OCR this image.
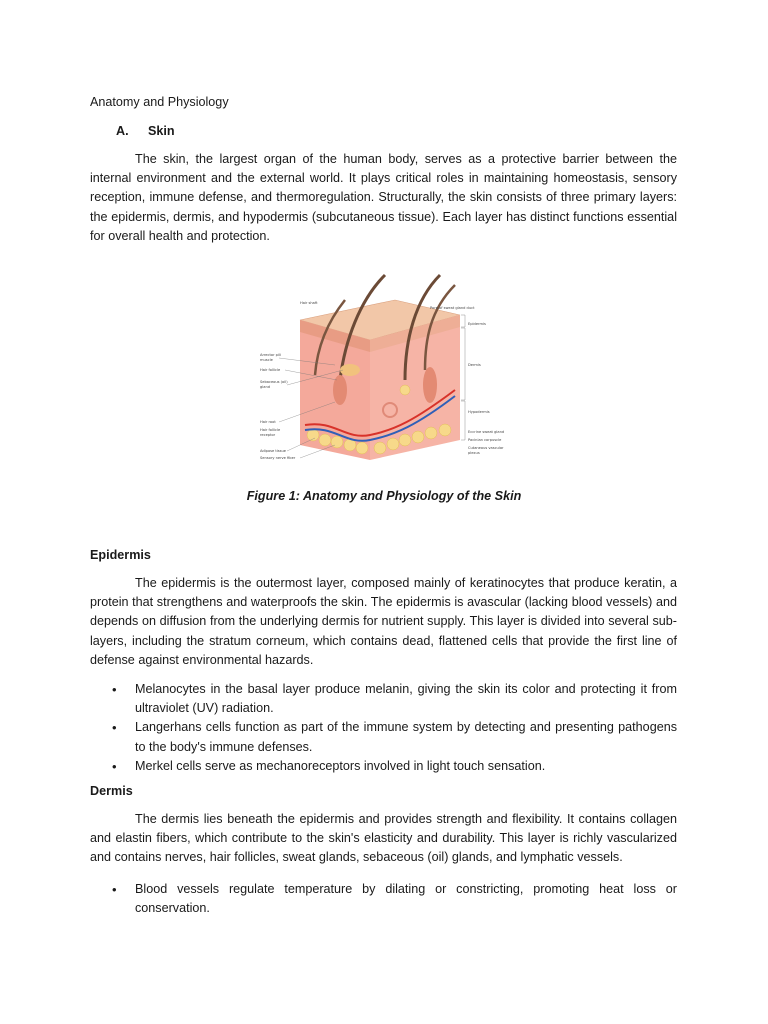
Anatomy and Physiology
A. Skin

The skin, the largest organ of the human body, serves as a protective barrier between the internal environment and the external world. It plays critical roles in maintaining homeostasis, sensory reception, immune defense, and thermoregulation. Structurally, the skin consists of three primary layers: the epidermis, dermis, and hypodermis (subcutaneous tissue). Each layer has distinct functions essential for overall health and protection.

Hair shaft
Arrector pili
muscle
Hair follicle
Sebaceous (oil)
gland
Hair root
Hair follicle
receptor
Adipose tissue
Sensory nerve fiber
Pore of sweat gland duct
Epidermis
Dermis
Hypodermis
Eccrine sweat gland
Pacinian corpuscle
Cutaneous vascular
plexus
Figure 1: Anatomy and Physiology of the Skin
Epidermis

The epidermis is the outermost layer, composed mainly of keratinocytes that produce keratin, a protein that strengthens and waterproofs the skin. The epidermis is avascular (lacking blood vessels) and depends on diffusion from the underlying dermis for nutrient supply. This layer is divided into several sub-layers, including the stratum corneum, which contains dead, flattened cells that provide the first line of defense against environmental hazards.

• Melanocytes in the basal layer produce melanin, giving the skin its color and protecting it from ultraviolet (UV) radiation.
• Langerhans cells function as part of the immune system by detecting and presenting pathogens to the body's immune defenses.
• Merkel cells serve as mechanoreceptors involved in light touch sensation.
Dermis

The dermis lies beneath the epidermis and provides strength and flexibility. It contains collagen and elastin fibers, which contribute to the skin's elasticity and durability. This layer is richly vascularized and contains nerves, hair follicles, sweat glands, sebaceous (oil) glands, and lymphatic vessels.

• Blood vessels regulate temperature by dilating or constricting, promoting heat loss or conservation.
